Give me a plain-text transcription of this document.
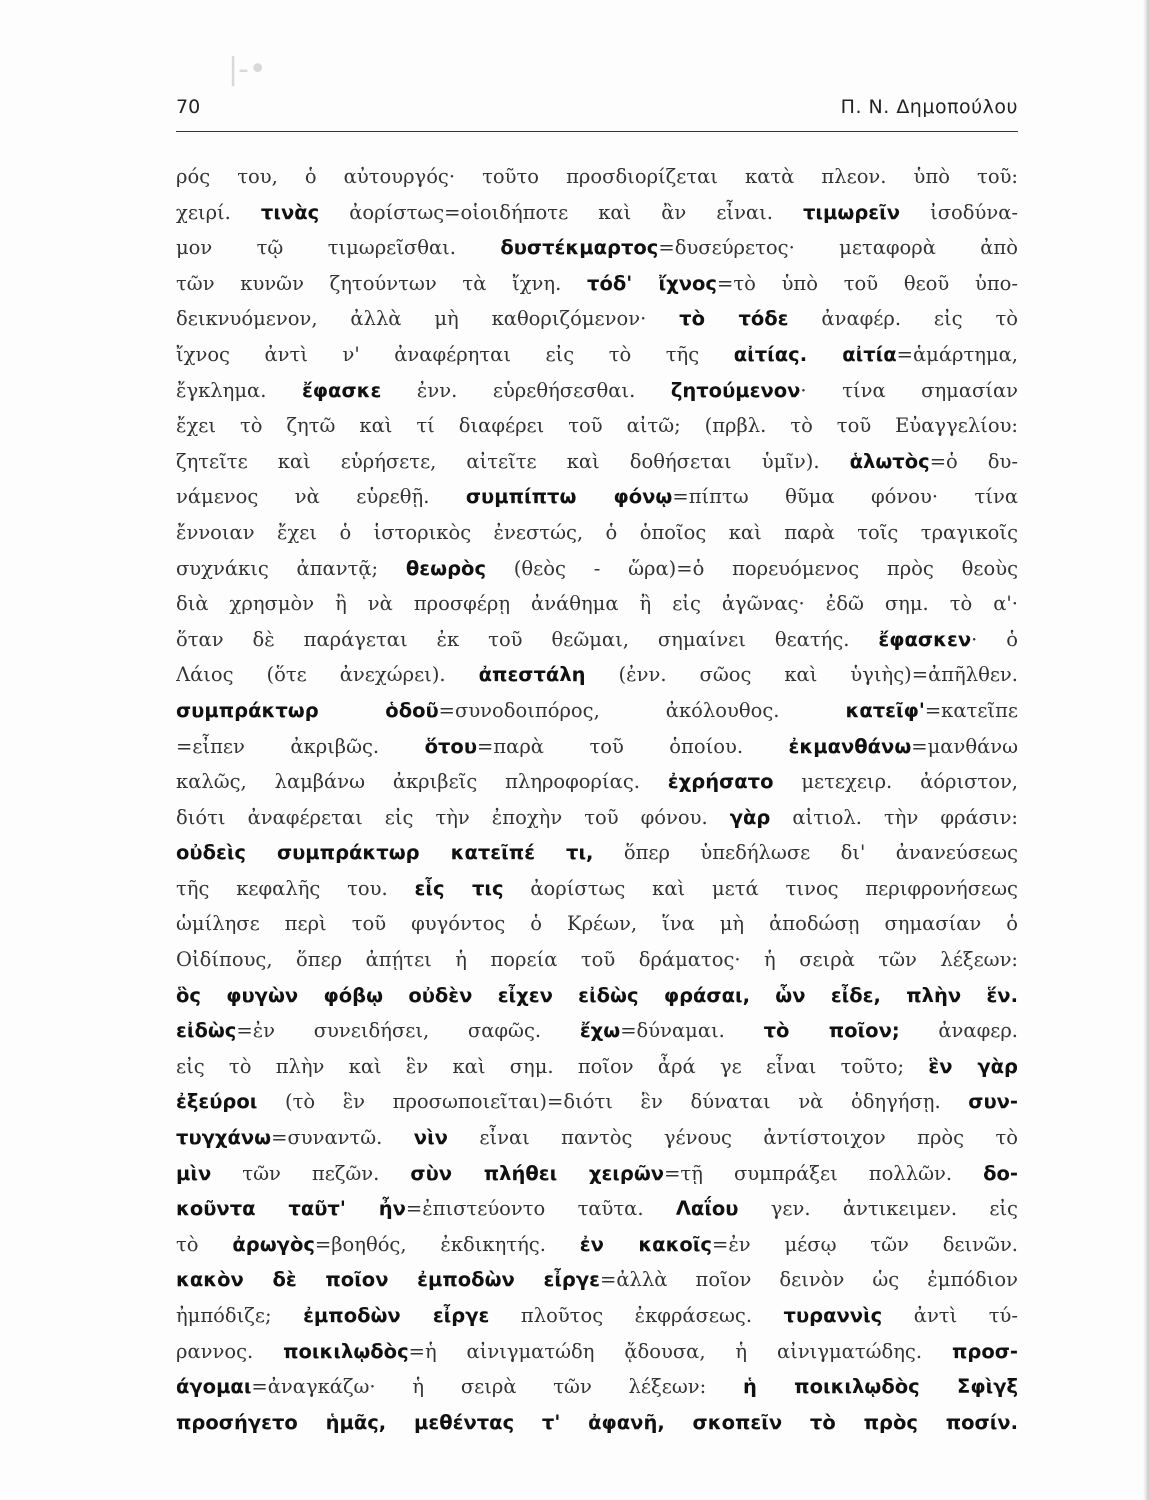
|-•
70	Π. Ν. Δημοπούλου
ρός του, ὁ αὐτουργός· τοῦτο προσδιορίζεται κατὰ πλεον. ὑπὸ τοῦ:
χειρί. τινὰς ἀορίστως=οἱοιδήποτε καὶ ἂν εἶναι. τιμωρεῖν ἰσοδύνα-
μον τῷ τιμωρεῖσθαι. δυστέκμαρτος=δυσεύρετος· μεταφορὰ ἀπὸ
τῶν κυνῶν ζητούντων τὰ ἴχνη. τόδ' ἴχνος=τὸ ὑπὸ τοῦ θεοῦ ὑπο-
δεικνυόμενον, ἀλλὰ μὴ καθοριζόμενον· τὸ τόδε ἀναφέρ. εἰς τὸ
ἴχνος ἀντὶ ν' ἀναφέρηται εἰς τὸ τῆς αἰτίας. αἰτία=ἁμάρτημα,
ἔγκλημα. ἔφασκε ἐνν. εὑρεθήσεσθαι. ζητούμενον· τίνα σημασίαν
ἔχει τὸ ζητῶ καὶ τί διαφέρει τοῦ αἰτῶ; (πρβλ. τὸ τοῦ Εὐαγγελίου:
ζητεῖτε καὶ εὑρήσετε, αἰτεῖτε καὶ δοθήσεται ὑμῖν). ἁλωτὸς=ὁ δυ-
νάμενος νὰ εὑρεθῇ. συμπίπτω φόνῳ=πίπτω θῦμα φόνου· τίνα
ἔννοιαν ἔχει ὁ ἱστορικὸς ἐνεστώς, ὁ ὁποῖος καὶ παρὰ τοῖς τραγικοῖς
συχνάκις ἀπαντᾷ; θεωρὸς (θεὸς - ὥρα)=ὁ πορευόμενος πρὸς θεοὺς
διὰ χρησμὸν ἢ νὰ προσφέρῃ ἀνάθημα ἢ εἰς ἀγῶνας· ἐδῶ σημ. τὸ α'·
ὅταν δὲ παράγεται ἐκ τοῦ θεῶμαι, σημαίνει θεατής. ἔφασκεν· ὁ
Λάιος (ὅτε ἀνεχώρει). ἀπεστάλη (ἐνν. σῶος καὶ ὑγιὴς)=ἀπῆλθεν.
συμπράκτωρ ὁδοῦ=συνοδοιπόρος, ἀκόλουθος. κατεῖφ'=κατεῖπε
=εἶπεν ἀκριβῶς. ὅτου=παρὰ τοῦ ὁποίου. ἐκμανθάνω=μανθάνω
καλῶς, λαμβάνω ἀκριβεῖς πληροφορίας. ἐχρήσατο μετεχειρ. ἀόριστον,
διότι ἀναφέρεται εἰς τὴν ἐποχὴν τοῦ φόνου. γὰρ αἰτιολ. τὴν φράσιν:
οὐδεὶς συμπράκτωρ κατεῖπέ τι, ὅπερ ὑπεδήλωσε δι' ἀνανεύσεως
τῆς κεφαλῆς του. εἷς τις ἀορίστως καὶ μετά τινος περιφρονήσεως
ὡμίλησε περὶ τοῦ φυγόντος ὁ Κρέων, ἵνα μὴ ἀποδώσῃ σημασίαν ὁ
Οἰδίπους, ὅπερ ἀπῄτει ἡ πορεία τοῦ δράματος· ἡ σειρὰ τῶν λέξεων:
ὃς φυγὼν φόβῳ οὐδὲν εἶχεν εἰδὼς φράσαι, ὧν εἶδε, πλὴν ἕν.
εἰδὼς=ἐν συνειδήσει, σαφῶς. ἔχω=δύναμαι. τὸ ποῖον; ἀναφερ.
εἰς τὸ πλὴν καὶ ἓν καὶ σημ. ποῖον ἆρά γε εἶναι τοῦτο; ἓν γὰρ
ἐξεύροι (τὸ ἓν προσωποιεῖται)=διότι ἓν δύναται νὰ ὁδηγήσῃ. συν-
τυγχάνω=συναντῶ. νὶν εἶναι παντὸς γένους ἀντίστοιχον πρὸς τὸ
μὶν τῶν πεζῶν. σὺν πλήθει χειρῶν=τῇ συμπράξει πολλῶν. δο-
κοῦντα ταῦτ' ἦν=ἐπιστεύοντο ταῦτα. Λαΐου γεν. ἀντικειμεν. εἰς
τὸ ἀρωγὸς=βοηθός, ἐκδικητής. ἐν κακοῖς=ἐν μέσῳ τῶν δεινῶν.
κακὸν δὲ ποῖον ἐμποδὼν εἶργε=ἀλλὰ ποῖον δεινὸν ὡς ἐμπόδιον
ἠμπόδιζε; ἐμποδὼν εἶργε πλοῦτος ἐκφράσεως. τυραννὶς ἀντὶ τύ-
ραννος. ποικιλῳδὸς=ἡ αἰνιγματώδη ᾄδουσα, ἡ αἰνιγματώδης. προσ-
άγομαι=ἀναγκάζω· ἡ σειρὰ τῶν λέξεων: ἡ ποικιλῳδὸς Σφὶγξ
προσήγετο ἡμᾶς, μεθέντας τ' ἀφανῆ, σκοπεῖν τὸ πρὸς ποσίν.
